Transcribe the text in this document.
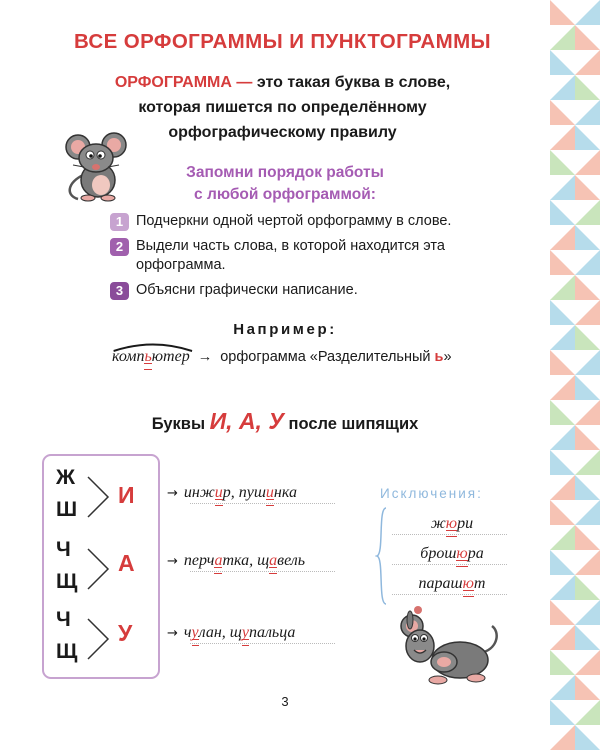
ВСЕ ОРФОГРАММЫ И ПУНКТОГРАММЫ
ОРФОГРАММА — это такая буква в слове,
которая пишется по определённому
орфографическому правилу
Запомни порядок работы
с любой орфограммой:
1 Подчеркни одной чертой орфограмму в слове.
2 Выдели часть слова, в которой находится эта орфограмма.
3 Объясни графически написание.
Например:
компьютер → орфограмма «Разделительный ь»
Буквы И, А, У после шипящих
Ж
Ш
И
Ч
Щ
А
Ч
Щ
У
→ инжир, пушинка
→ перчатка, щавель
→ чулан, щупальца
Исключения:
жюри
брошюра
парашют
3
